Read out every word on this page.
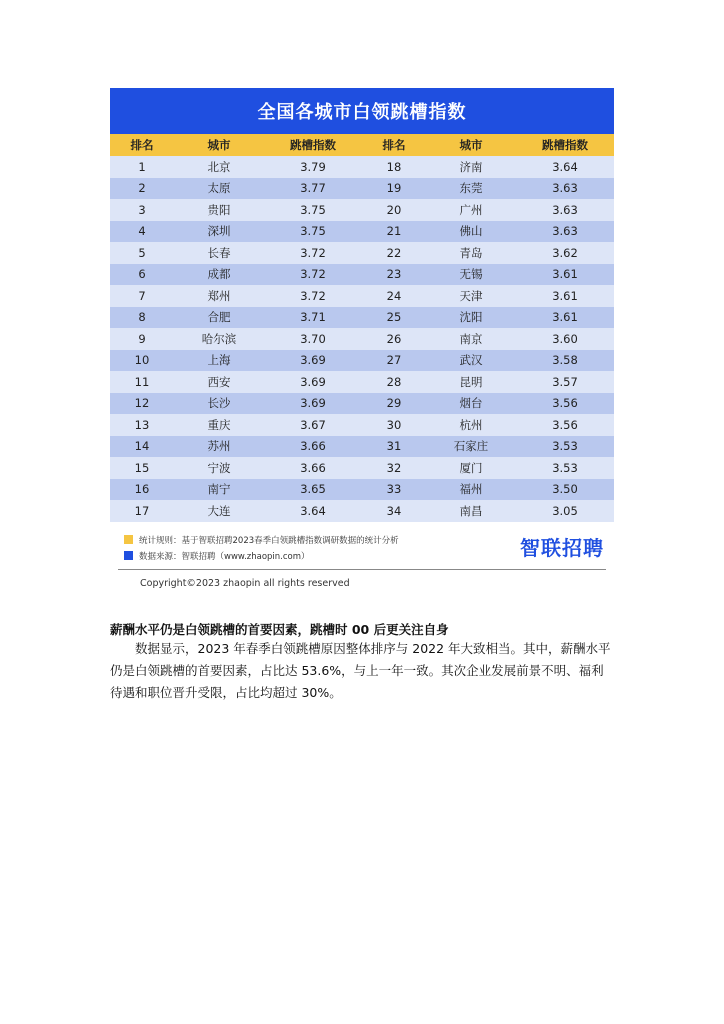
全国各城市白领跳槽指数
排名	城市	跳槽指数	排名	城市	跳槽指数
1	北京	3.79	18	济南	3.64
2	太原	3.77	19	东莞	3.63
3	贵阳	3.75	20	广州	3.63
4	深圳	3.75	21	佛山	3.63
5	长春	3.72	22	青岛	3.62
6	成都	3.72	23	无锡	3.61
7	郑州	3.72	24	天津	3.61
8	合肥	3.71	25	沈阳	3.61
9	哈尔滨	3.70	26	南京	3.60
10	上海	3.69	27	武汉	3.58
11	西安	3.69	28	昆明	3.57
12	长沙	3.69	29	烟台	3.56
13	重庆	3.67	30	杭州	3.56
14	苏州	3.66	31	石家庄	3.53
15	宁波	3.66	32	厦门	3.53
16	南宁	3.65	33	福州	3.50
17	大连	3.64	34	南昌	3.05
统计规则：基于智联招聘2023春季白领跳槽指数调研数据的统计分析
数据来源：智联招聘（www.zhaopin.com）	智联招聘
Copyright©2023 zhaopin all rights reserved
薪酬水平仍是白领跳槽的首要因素，跳槽时 00 后更关注自身

数据显示，2023 年春季白领跳槽原因整体排序与 2022 年大致相当。其中，薪酬水平仍是白领跳槽的首要因素，占比达 53.6%，与上一年一致。其次企业发展前景不明、福利待遇和职位晋升受限，占比均超过 30%。
